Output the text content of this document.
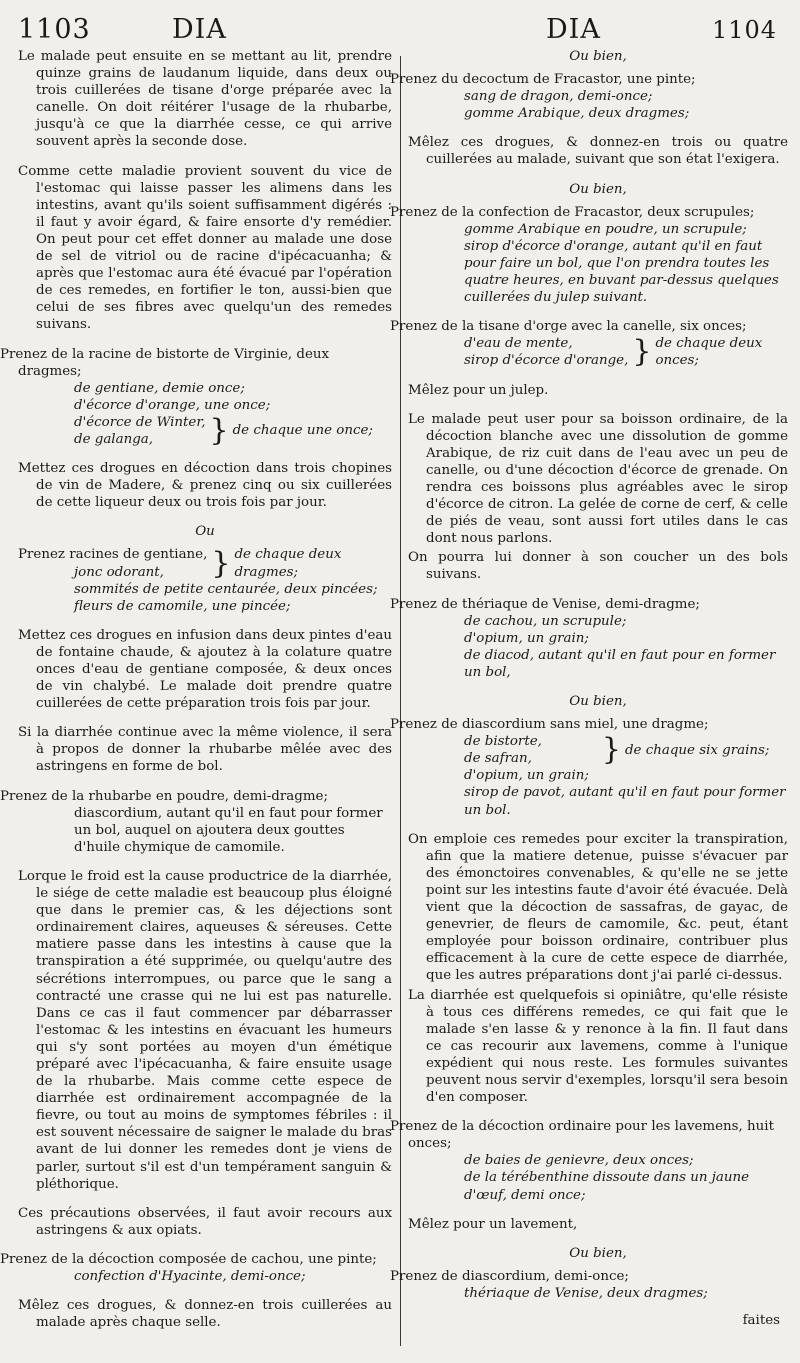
1103	DIA	DIA	1104

Le malade peut ensuite en se mettant au lit, prendre quinze grains de laudanum liquide, dans deux ou trois cuillerées de tisane d'orge préparée avec la canelle. On doit réitérer l'usage de la rhubarbe, jusqu'à ce que la diarrhée cesse, ce qui arrive souvent après la seconde dose.

Comme cette maladie provient souvent du vice de l'estomac qui laisse passer les alimens dans les intestins, avant qu'ils soient suffisamment digérés : il faut y avoir égard, & faire ensorte d'y remédier. On peut pour cet effet donner au malade une dose de sel de vitriol ou de racine d'ipécacuanha; & après que l'estomac aura été évacué par l'opération de ces remedes, en fortifier le ton, aussi-bien que celui de ses fibres avec quelqu'un des remedes suivans.

Prenez de la racine de bistorte de Virginie, deux dragmes;
de gentiane, demie once;
d'écorce d'orange, une once;
d'écorce de Winter,
de galanga,	} de chaque une once;

Mettez ces drogues en décoction dans trois chopines de vin de Madere, & prenez cinq ou six cuillerées de cette liqueur deux ou trois fois par jour.

Ou

Prenez racines de gentiane,
jonc odorant,	} de chaque deux dragmes;
sommités de petite centaurée, deux pincées;
fleurs de camomile, une pincée;

Mettez ces drogues en infusion dans deux pintes d'eau de fontaine chaude, & ajoutez à la colature quatre onces d'eau de gentiane composée, & deux onces de vin chalybé. Le malade doit prendre quatre cuillerées de cette préparation trois fois par jour.

Si la diarrhée continue avec la même violence, il sera à propos de donner la rhubarbe mêlée avec des astringens en forme de bol.

Prenez de la rhubarbe en poudre, demi-dragme;
diascordium, autant qu'il en faut pour former un bol, auquel on ajoutera deux gouttes d'huile chymique de camomile.

Lorque le froid est la cause productrice de la diarrhée, le siége de cette maladie est beaucoup plus éloigné que dans le premier cas, & les déjections sont ordinairement claires, aqueuses & séreuses. Cette matiere passe dans les intestins à cause que la transpiration a été supprimée, ou quelqu'autre des sécrétions interrompues, ou parce que le sang a contracté une crasse qui ne lui est pas naturelle. Dans ce cas il faut commencer par débarrasser l'estomac & les intestins en évacuant les humeurs qui s'y sont portées au moyen d'un émétique préparé avec l'ipécacuanha, & faire ensuite usage de la rhubarbe. Mais comme cette espece de diarrhée est ordinairement accompagnée de la fievre, ou tout au moins de symptomes fébriles : il est souvent nécessaire de saigner le malade du bras avant de lui donner les remedes dont je viens de parler, surtout s'il est d'un tempérament sanguin & pléthorique.

Ces précautions observées, il faut avoir recours aux astringens & aux opiats.

Prenez de la décoction composée de cachou, une pinte;
confection d'Hyacinte, demi-once;

Mêlez ces drogues, & donnez-en trois cuillerées au malade après chaque selle.

Ou bien,

Prenez du decoctum de Fracastor, une pinte;
sang de dragon, demi-once;
gomme Arabique, deux dragmes;

Mêlez ces drogues, & donnez-en trois ou quatre cuillerées au malade, suivant que son état l'exigera.

Ou bien,

Prenez de la confection de Fracastor, deux scrupules;
gomme Arabique en poudre, un scrupule;
sirop d'écorce d'orange, autant qu'il en faut pour faire un bol, que l'on prendra toutes les quatre heures, en buvant par-dessus quelques cuillerées du julep suivant.
Prenez de la tisane d'orge avec la canelle, six onces;
d'eau de mente,
sirop d'écorce d'orange, } de chaque deux onces;

Mêlez pour un julep.

Le malade peut user pour sa boisson ordinaire, de la décoction blanche avec une dissolution de gomme Arabique, de riz cuit dans de l'eau avec un peu de canelle, ou d'une décoction d'écorce de grenade. On rendra ces boissons plus agréables avec le sirop d'écorce de citron. La gelée de corne de cerf, & celle de piés de veau, sont aussi fort utiles dans le cas dont nous parlons.

On pourra lui donner à son coucher un des bols suivans.

Prenez de thériaque de Venise, demi-dragme;
de cachou, un scrupule;
d'opium, un grain;
de diacod, autant qu'il en faut pour en former un bol,

Ou bien,

Prenez de diascordium sans miel, une dragme;
de bistorte,
de safran,	} de chaque six grains;
d'opium, un grain;
sirop de pavot, autant qu'il en faut pour former un bol.

On emploie ces remedes pour exciter la transpiration, afin que la matiere detenue, puisse s'évacuer par des émonctoires convenables, & qu'elle ne se jette point sur les intestins faute d'avoir été évacuée. Delà vient que la décoction de sassafras, de gayac, de genevrier, de fleurs de camomile, &c. peut, étant employée pour boisson ordinaire, contribuer plus efficacement à la cure de cette espece de diarrhée, que les autres préparations dont j'ai parlé ci-dessus.

La diarrhée est quelquefois si opiniâtre, qu'elle résiste à tous ces différens remedes, ce qui fait que le malade s'en lasse & y renonce à la fin. Il faut dans ce cas recourir aux lavemens, comme à l'unique expédient qui nous reste. Les formules suivantes peuvent nous servir d'exemples, lorsqu'il sera besoin d'en composer.

Prenez de la décoction ordinaire pour les lavemens, huit onces;
de baies de genievre, deux onces;
de la térébenthine dissoute dans un jaune d'œuf, demi once;

Mêlez pour un lavement,

Ou bien,

Prenez de diascordium, demi-once;
thériaque de Venise, deux dragmes;
faites
